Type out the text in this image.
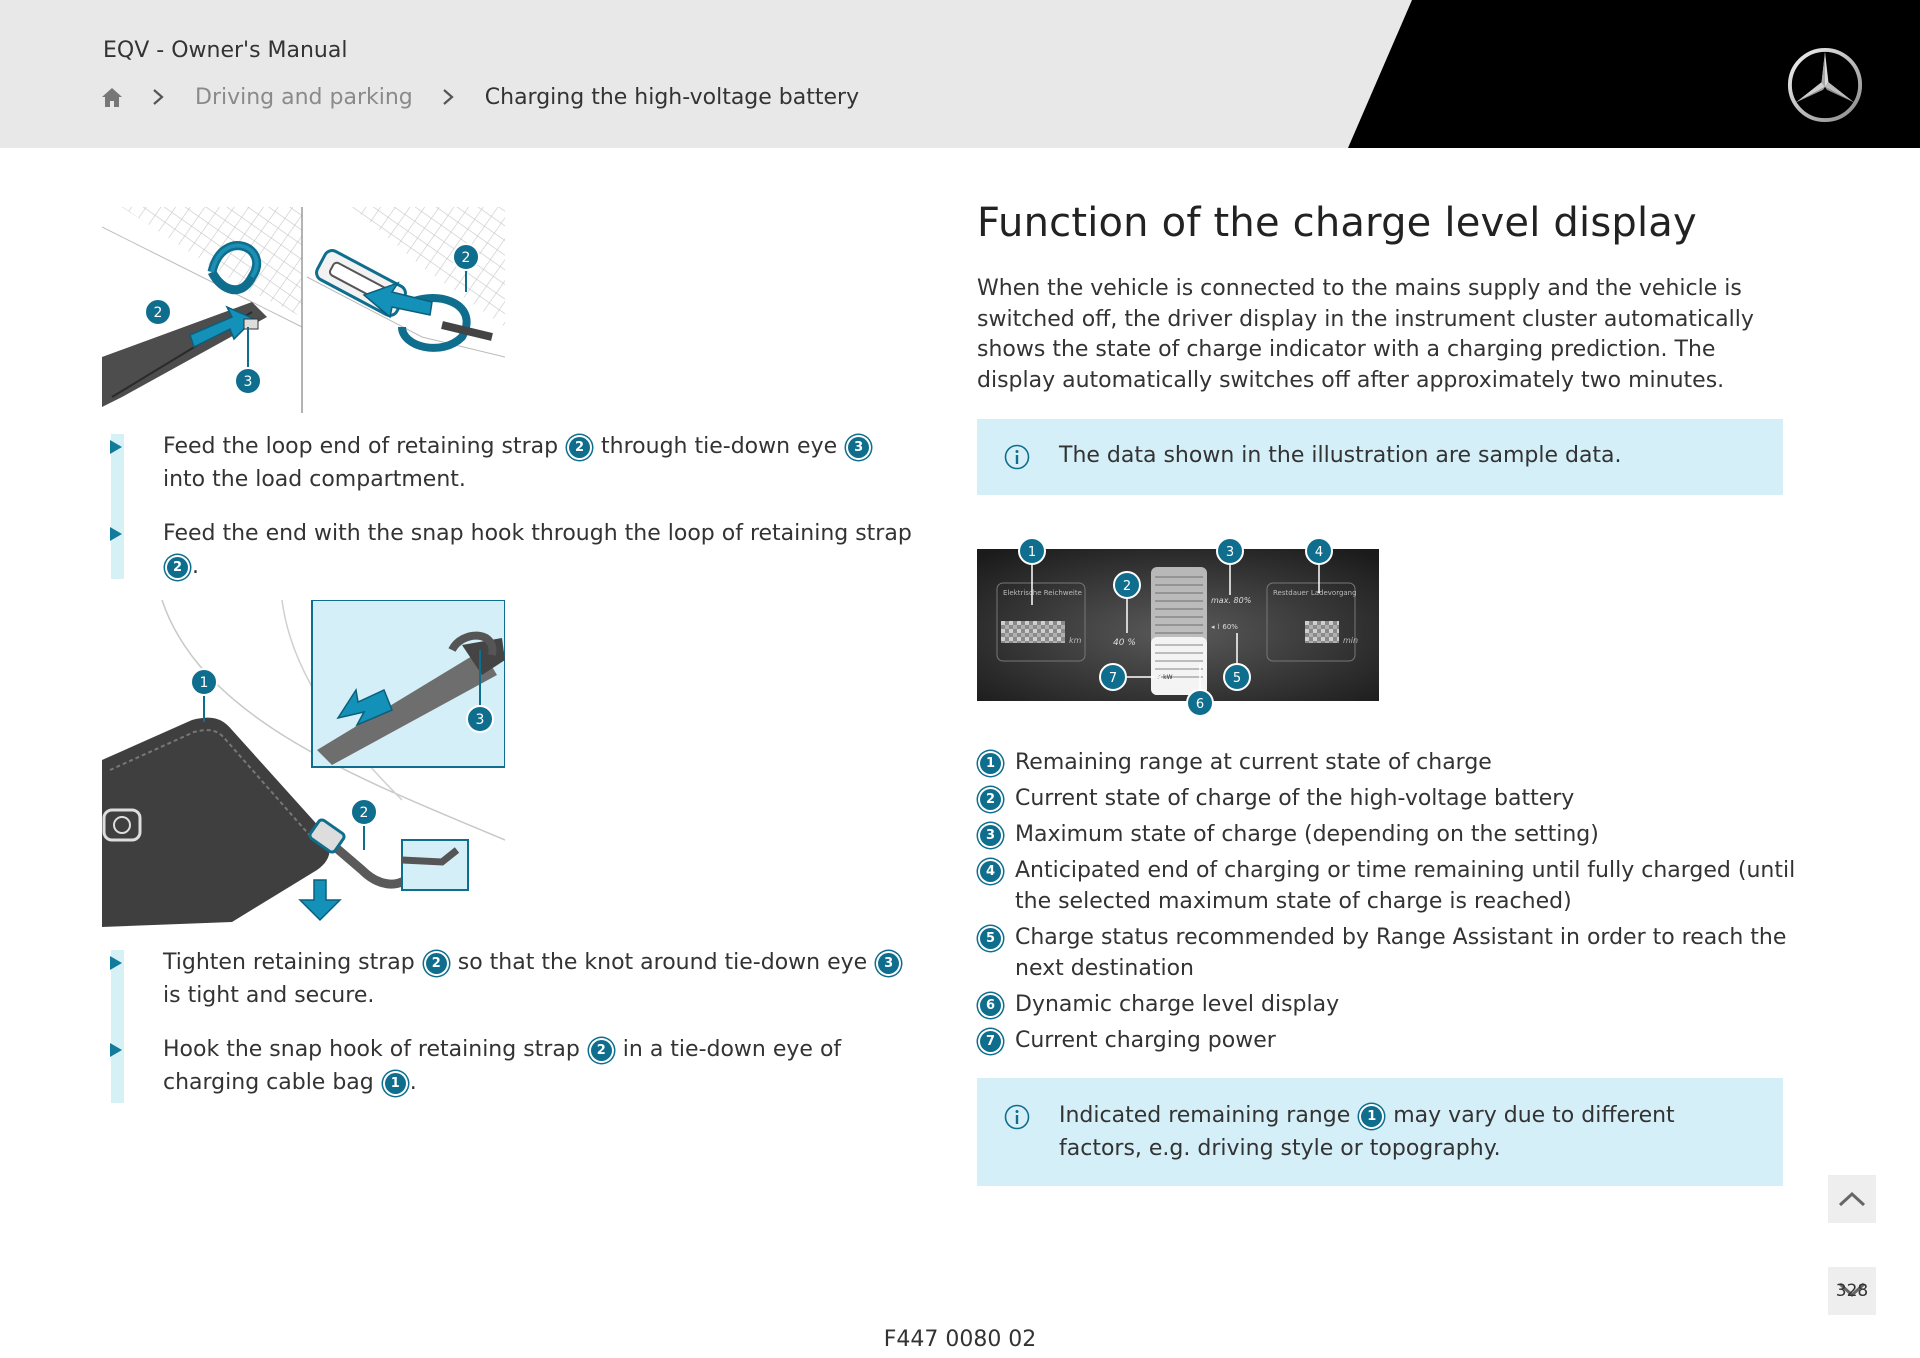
EQV - Owner's Manual
Driving and parking	Charging the high-voltage battery
2
3
2
Feed the loop end of retaining strap 2 through tie-down eye 3 into the load compartment.
Feed the end with the snap hook through the loop of retaining strap 2 .
1
3
2
Tighten retaining strap 2 so that the knot around tie-down eye 3 is tight and secure.
Hook the snap hook of retaining strap 2 in a tie-down eye of charging cable bag 1 .
Function of the charge level display

When the vehicle is connected to the mains supply and the vehicle is switched off, the driver display in the instrument cluster automatically shows the state of charge indicator with a charging prediction. The display automatically switches off after approximately two minutes.

The data shown in the illustration are sample data.
Elektrische Reichweite
km	40 %
max. 80%
◂ ⌇ 60%
⚡ kW
Restdauer Ladevorgang
min
1
2
3	4
5
6
7
1 Remaining range at current state of charge
2 Current state of charge of the high-voltage battery
3 Maximum state of charge (depending on the setting)
4 Anticipated end of charging or time remaining until fully charged (until the selected maximum state of charge is reached)
5 Charge status recommended by Range Assistant in order to reach the next destination
6 Dynamic charge level display
7 Current charging power
Indicated remaining range 1 may vary due to different factors, e.g. driving style or topography.
328
F447 0080 02
